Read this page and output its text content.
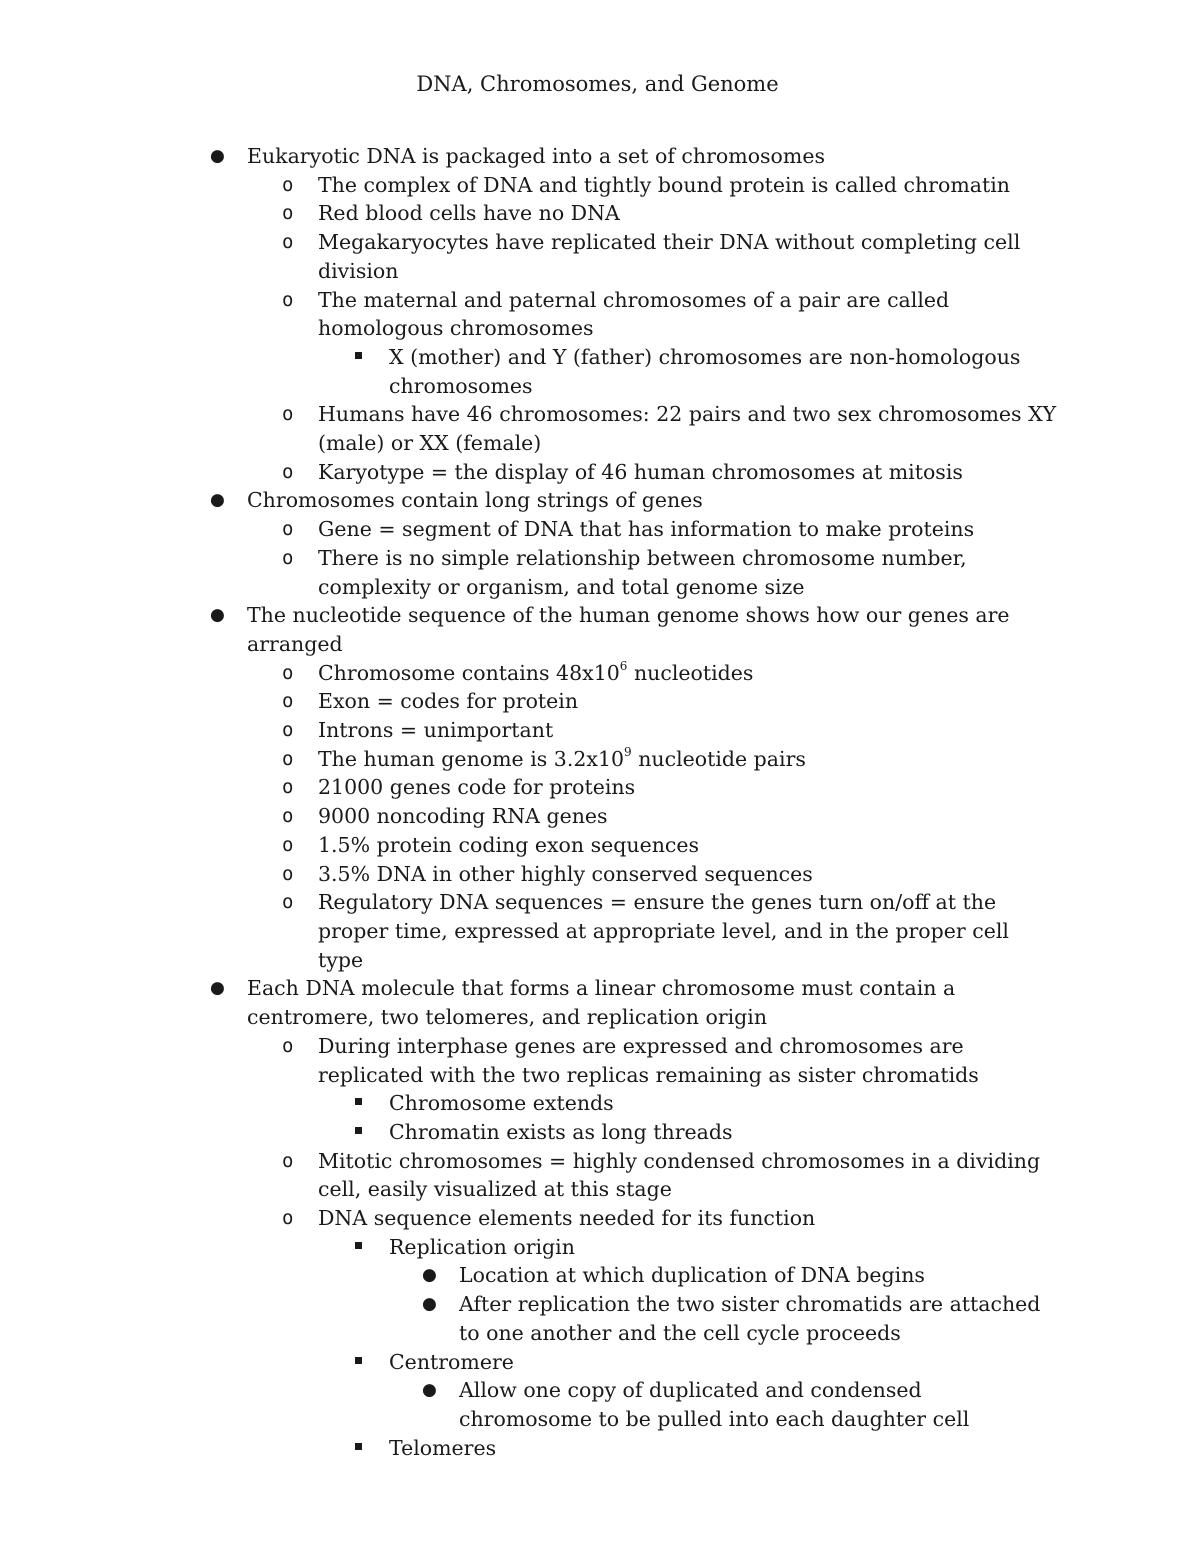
DNA, Chromosomes, and Genome
● Eukaryotic DNA is packaged into a set of chromosomes
o The complex of DNA and tightly bound protein is called chromatin
o Red blood cells have no DNA
o Megakaryocytes have replicated their DNA without completing cell division
o The maternal and paternal chromosomes of a pair are called homologous chromosomes
X (mother) and Y (father) chromosomes are non-homologous chromosomes
o Humans have 46 chromosomes: 22 pairs and two sex chromosomes XY (male) or XX (female)
o Karyotype = the display of 46 human chromosomes at mitosis
● Chromosomes contain long strings of genes
o Gene = segment of DNA that has information to make proteins
o There is no simple relationship between chromosome number, complexity or organism, and total genome size
● The nucleotide sequence of the human genome shows how our genes are arranged
o Chromosome contains $48x10^6$ nucleotides
o Exon = codes for protein
o Introns = unimportant
o The human genome is $3.2x10^9$ nucleotide pairs
o 21000 genes code for proteins
o 9000 noncoding RNA genes
o 1.5% protein coding exon sequences
o 3.5% DNA in other highly conserved sequences
o Regulatory DNA sequences = ensure the genes turn on/off at the proper time, expressed at appropriate level, and in the proper cell type
● Each DNA molecule that forms a linear chromosome must contain a centromere, two telomeres, and replication origin
o During interphase genes are expressed and chromosomes are replicated with the two replicas remaining as sister chromatids
Chromosome extends
Chromatin exists as long threads
o Mitotic chromosomes = highly condensed chromosomes in a dividing cell, easily visualized at this stage
o DNA sequence elements needed for its function
Replication origin
● Location at which duplication of DNA begins
● After replication the two sister chromatids are attached to one another and the cell cycle proceeds
Centromere
● Allow one copy of duplicated and condensed chromosome to be pulled into each daughter cell
Telomeres
